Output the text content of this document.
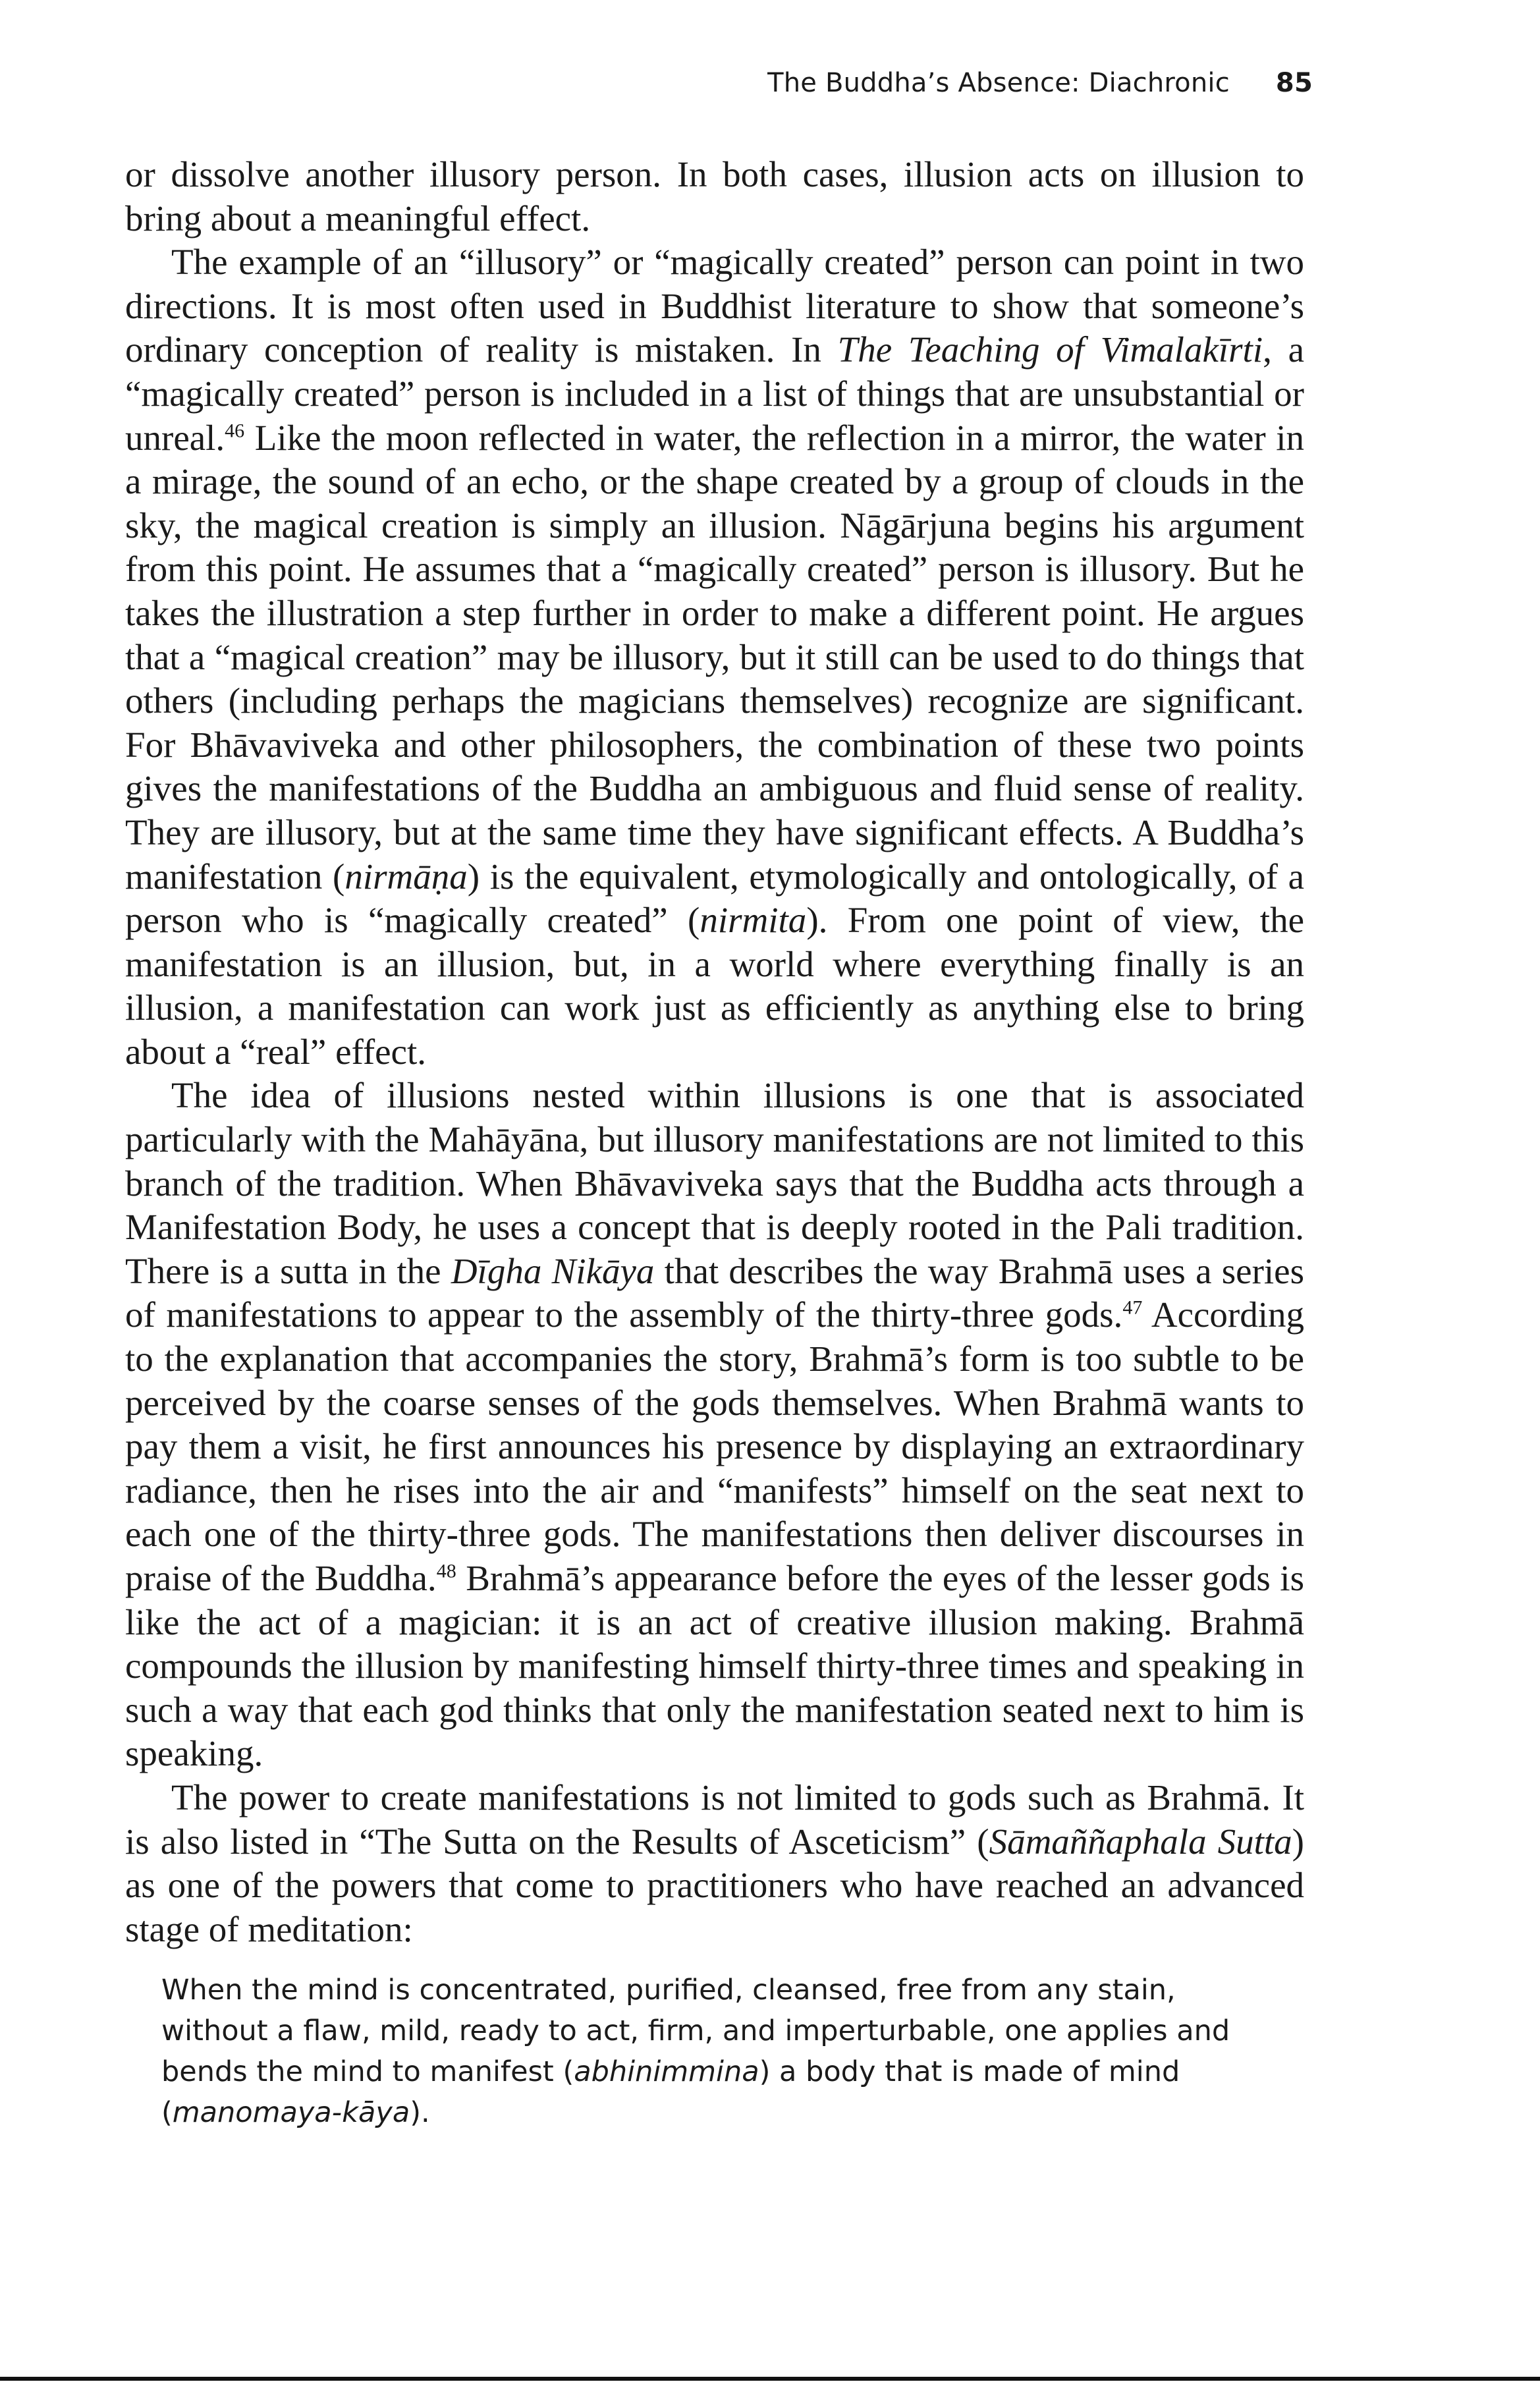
The Buddha’s Absence: Diachronic 85

or dissolve another illusory person. In both cases, illusion acts on illusion to bring about a meaningful effect.

The example of an “illusory” or “magically created” person can point in two directions. It is most often used in Buddhist literature to show that someone’s ordinary conception of reality is mistaken. In The Teaching of Vimalakīrti, a “magically created” person is included in a list of things that are unsubstantial or unreal.$^{46}$ Like the moon reflected in water, the reflection in a mirror, the water in a mirage, the sound of an echo, or the shape created by a group of clouds in the sky, the magical creation is simply an illusion. Nāgārjuna begins his argument from this point. He assumes that a “magically created” person is illusory. But he takes the illustration a step further in order to make a different point. He argues that a “magical creation” may be illusory, but it still can be used to do things that others (including perhaps the magicians themselves) recognize are significant. For Bhāvaviveka and other philosophers, the combination of these two points gives the manifestations of the Buddha an ambiguous and fluid sense of reality. They are illusory, but at the same time they have significant effects. A Buddha’s manifestation (nirmāṇa) is the equivalent, etymologically and ontologically, of a person who is “magically created” (nirmita). From one point of view, the manifestation is an illusion, but, in a world where everything finally is an illusion, a manifestation can work just as efficiently as anything else to bring about a “real” effect.

The idea of illusions nested within illusions is one that is associated particularly with the Mahāyāna, but illusory manifestations are not limited to this branch of the tradition. When Bhāvaviveka says that the Buddha acts through a Manifestation Body, he uses a concept that is deeply rooted in the Pali tradition. There is a sutta in the Dīgha Nikāya that describes the way Brahmā uses a series of manifestations to appear to the assembly of the thirty-three gods.$^{47}$ According to the explanation that accompanies the story, Brahmā’s form is too subtle to be perceived by the coarse senses of the gods themselves. When Brahmā wants to pay them a visit, he first announces his presence by displaying an extraordinary radiance, then he rises into the air and “manifests” himself on the seat next to each one of the thirty-three gods. The manifestations then deliver discourses in praise of the Buddha.$^{48}$ Brahmā’s appearance before the eyes of the lesser gods is like the act of a magician: it is an act of creative illusion making. Brahmā compounds the illusion by manifesting himself thirty-three times and speaking in such a way that each god thinks that only the manifestation seated next to him is speaking.

The power to create manifestations is not limited to gods such as Brahmā. It is also listed in “The Sutta on the Results of Asceticism” (Sāmaññaphala Sutta) as one of the powers that come to practitioners who have reached an advanced stage of meditation:

When the mind is concentrated, purified, cleansed, free from any stain, without a flaw, mild, ready to act, firm, and imperturbable, one applies and bends the mind to manifest (abhinimmina) a body that is made of mind (manomaya-kāya).
